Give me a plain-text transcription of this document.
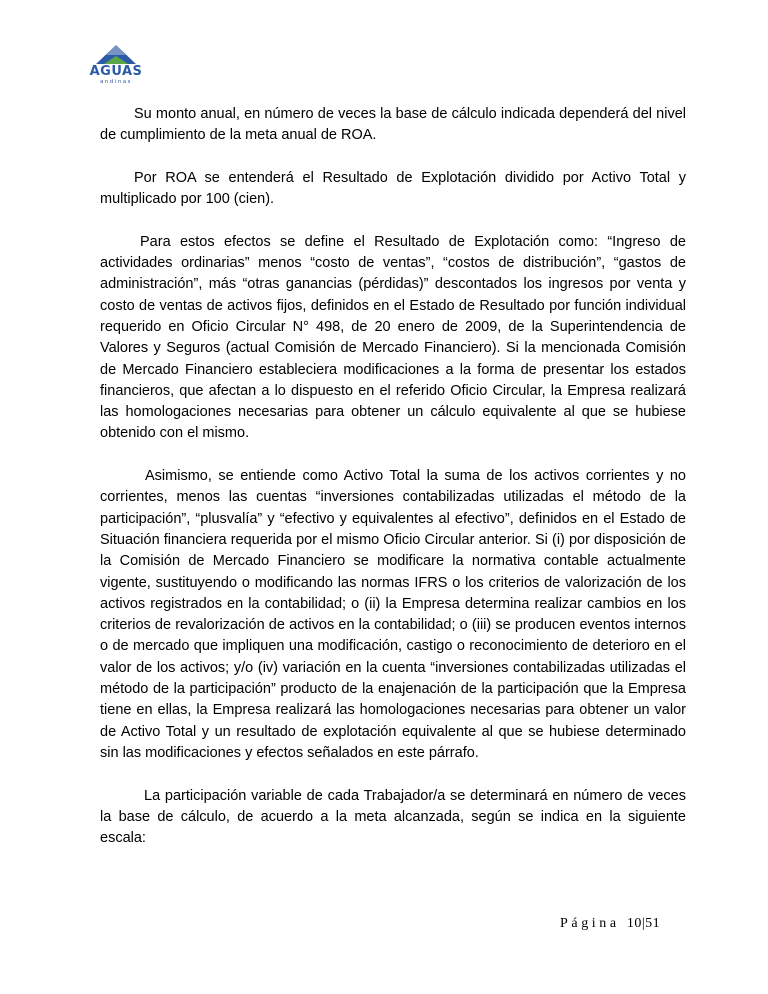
AGUAS
andinas

Su monto anual, en número de veces la base de cálculo indicada dependerá del nivel de cumplimiento de la meta anual de ROA.

Por ROA se entenderá el Resultado de Explotación dividido por Activo Total y multiplicado por 100 (cien).

Para estos efectos se define el Resultado de Explotación como: “Ingreso de actividades ordinarias” menos “costo de ventas”, “costos de distribución”, “gastos de administración”, más “otras ganancias (pérdidas)” descontados los ingresos por venta y costo de ventas de activos fijos, definidos en el Estado de Resultado por función individual requerido en Oficio Circular N° 498, de 20 enero de 2009, de la Superintendencia de Valores y Seguros (actual Comisión de Mercado Financiero). Si la mencionada Comisión de Mercado Financiero estableciera modificaciones a la forma de presentar los estados financieros, que afectan a lo dispuesto en el referido Oficio Circular, la Empresa realizará las homologaciones necesarias para obtener un cálculo equivalente al que se hubiese obtenido con el mismo.

Asimismo, se entiende como Activo Total la suma de los activos corrientes y no corrientes, menos las cuentas “inversiones contabilizadas utilizadas el método de la participación”, “plusvalía” y “efectivo y equivalentes al efectivo”, definidos en el Estado de Situación financiera requerida por el mismo Oficio Circular anterior. Si (i) por disposición de la Comisión de Mercado Financiero se modificare la normativa contable actualmente vigente, sustituyendo o modificando las normas IFRS o los criterios de valorización de los activos registrados en la contabilidad; o (ii) la Empresa determina realizar cambios en los criterios de revalorización de activos en la contabilidad; o (iii) se producen eventos internos o de mercado que impliquen una modificación, castigo o reconocimiento de deterioro en el valor de los activos; y/o (iv) variación en la cuenta “inversiones contabilizadas utilizadas el método de la participación” producto de la enajenación de la participación que la Empresa tiene en ellas, la Empresa realizará las homologaciones necesarias para obtener un valor de Activo Total y un resultado de explotación equivalente al que se hubiese determinado sin las modificaciones y efectos señalados en este párrafo.

La participación variable de cada Trabajador/a se determinará en número de veces la base de cálculo, de acuerdo a la meta alcanzada, según se indica en la siguiente escala:

Página 10|51
